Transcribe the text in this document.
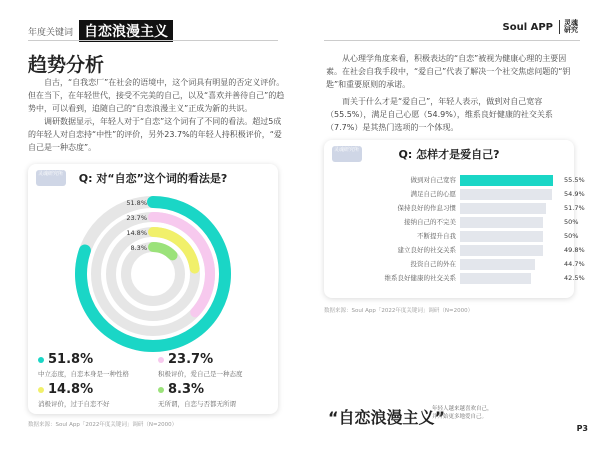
年度关键词 自恋浪漫主义	Soul APP	灵魂
研究
趋势分析

自古，“自我恋厂”在社会的语境中，这个词具有明显的否定义评价。但在当下，在年轻世代，接受不完美的自己，以及“喜欢并善待自己”的趋势中，可以看到，追随自己的“自恋浪漫主义”正成为新的共识。

调研数据显示，年轻人对于“自恋”这个词有了不同的看法。超过5成的年轻人对自恋持“中性”的评价，另外23.7%的年轻人持积极评价，“爱自己是一种态度”。

灵魂研究所	Q: 对“自恋”这个词的看法是?
51.8%
23.7%
14.8%
8.3%
51.8%
中立态度，自恋本身是一种性格
23.7%
积极评价，爱自己是一种态度
14.8%
消极评价，过于自恋不好
8.3%
无所谓，自恋与否都无所谓
数据来源：Soul App「2022年度关键词」调研（N=2000）

从心理学角度来看，积极表达的“自恋”被视为健康心理的主要因素。在社会自我手段中，“爱自己”代表了解决一个社交焦虑问题的“钥匙”和重要原则的承诺。

而关于什么才是“爱自己”，年轻人表示，做到对自己宽容（55.5%），满足自己心愿（54.9%），维系良好健康的社交关系（7.7%）是其热门选项的一个体现。

灵魂研究所	Q: 怎样才是爱自己?
做到对自己宽容	55.5%
满足自己的心愿	54.9%
保持良好的作息习惯	51.7%
接纳自己的不完美	50%
不断提升自我	50%
建立良好的社交关系	49.8%
投资自己的外在	44.7%
维系良好健康的社交关系	42.5%
数据来源：Soul App「2022年度关键词」调研（N=2000）
“自恋浪漫主义”
年轻人越来越喜欢自己，
并开始更多地爱自己。
P3
